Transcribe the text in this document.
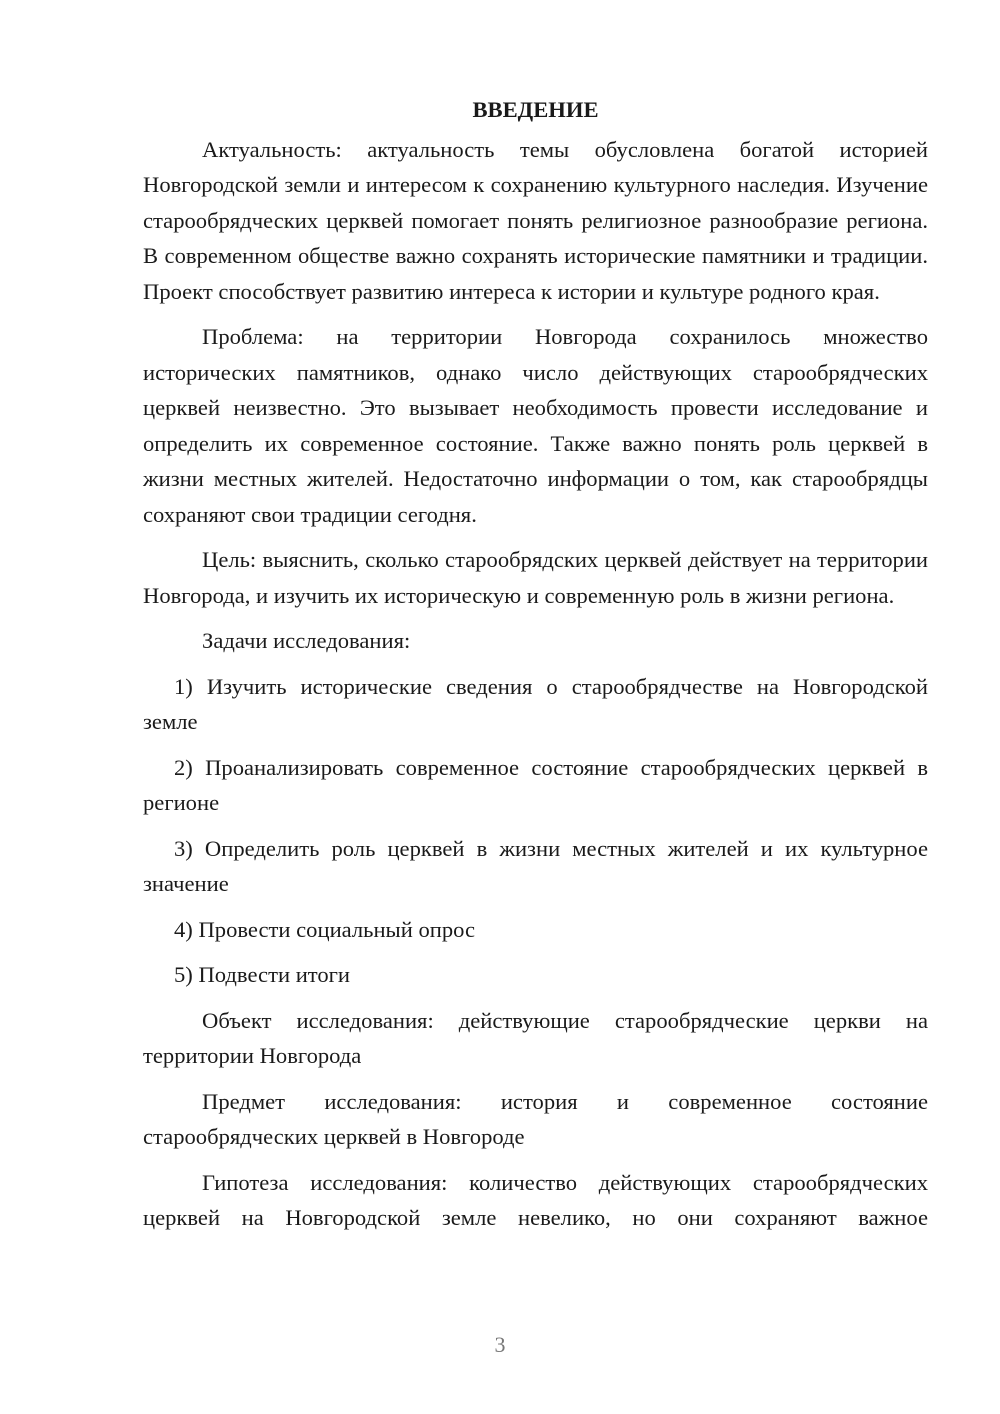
ВВЕДЕНИЕ

Актуальность: актуальность темы обусловлена богатой историей Новгородской земли и интересом к сохранению культурного наследия. Изучение старообрядческих церквей помогает понять религиозное разнообразие региона. В современном обществе важно сохранять исторические памятники и традиции. Проект способствует развитию интереса к истории и культуре родного края.

Проблема: на территории Новгорода сохранилось множество исторических памятников, однако число действующих старообрядческих церквей неизвестно. Это вызывает необходимость провести исследование и определить их современное состояние. Также важно понять роль церквей в жизни местных жителей. Недостаточно информации о том, как старообрядцы сохраняют свои традиции сегодня.

Цель: выяснить, сколько старообрядских церквей действует на территории Новгорода, и изучить их историческую и современную роль в жизни региона.

Задачи исследования:

1) Изучить исторические сведения о старообрядчестве на Новгородской земле

2) Проанализировать современное состояние старообрядческих церквей в регионе

3) Определить роль церквей в жизни местных жителей и их культурное значение

4) Провести социальный опрос

5) Подвести итоги

Объект исследования: действующие старообрядческие церкви на территории Новгорода

Предмет исследования: история и современное состояние старообрядческих церквей в Новгороде

Гипотеза исследования: количество действующих старообрядческих церквей на Новгородской земле невелико, но они сохраняют важное

3
